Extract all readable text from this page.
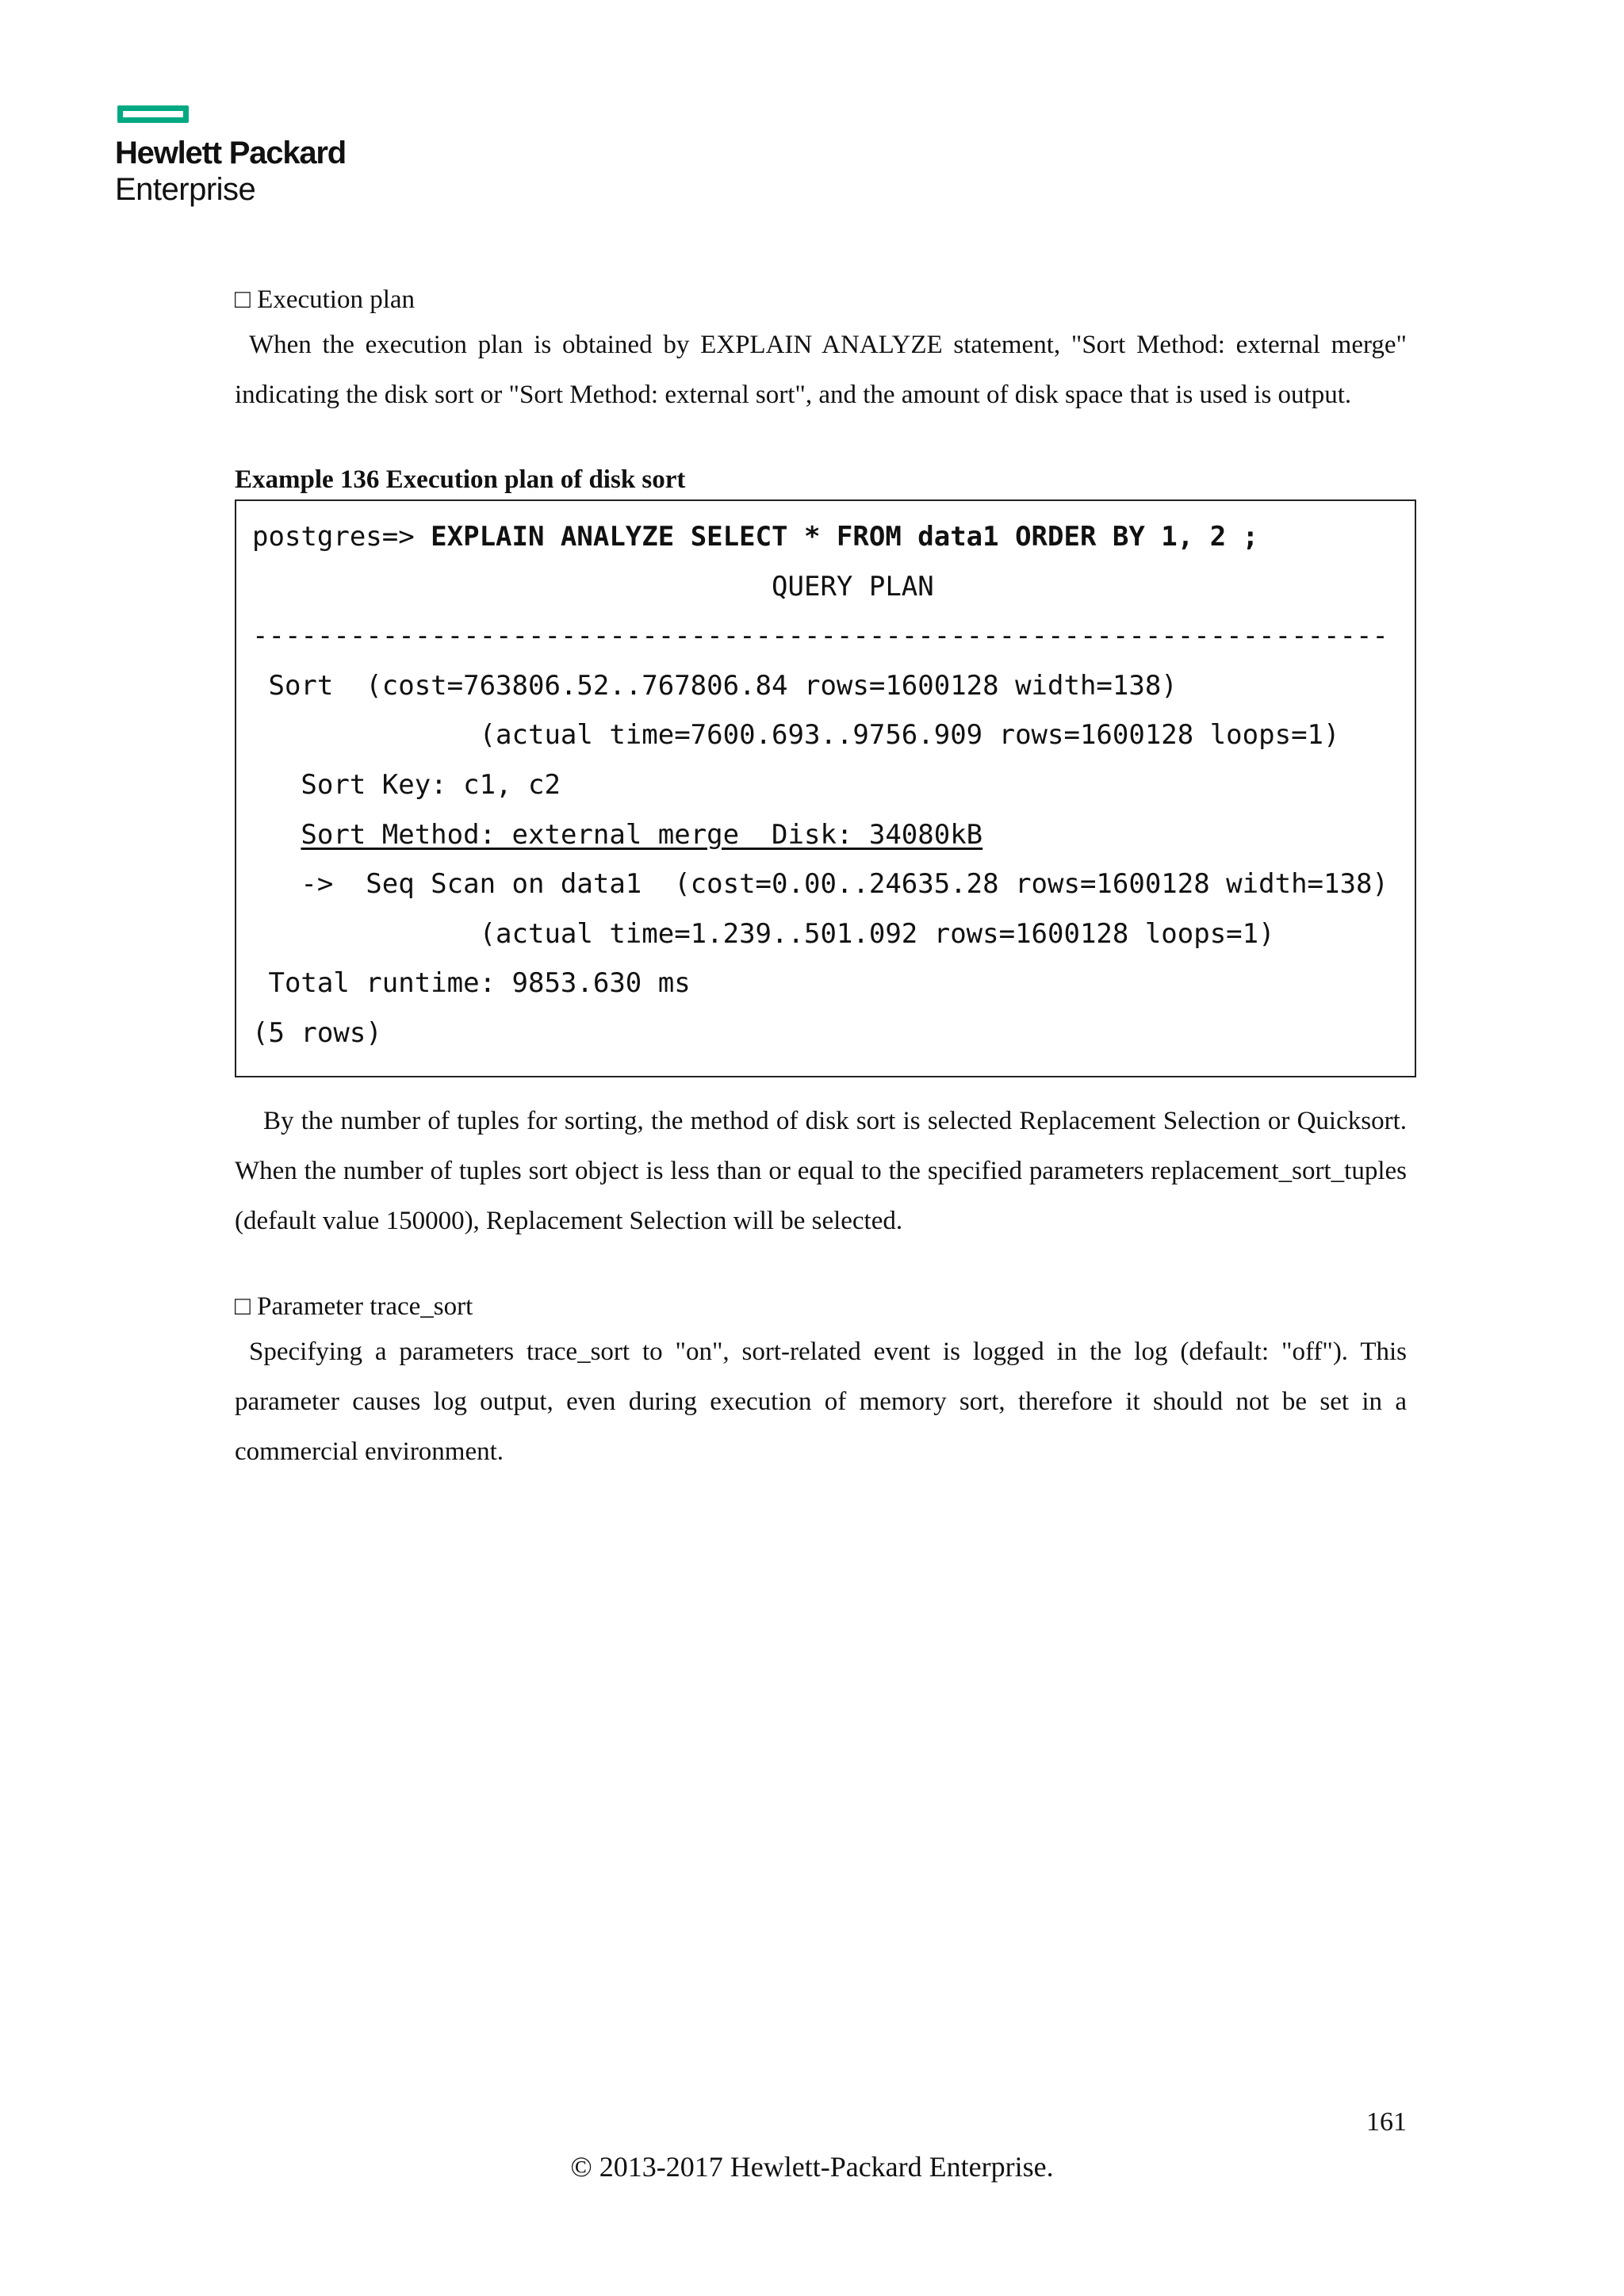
Hewlett Packard
Enterprise

□ Execution plan

When the execution plan is obtained by EXPLAIN ANALYZE statement, "Sort Method: external merge" indicating the disk sort or "Sort Method: external sort", and the amount of disk space that is used is output.

Example 136 Execution plan of disk sort

postgres=> EXPLAIN ANALYZE SELECT * FROM data1 ORDER BY 1, 2 ;
QUERY PLAN
----------------------------------------------------------------------
Sort  (cost=763806.52..767806.84 rows=1600128 width=138)
(actual time=7600.693..9756.909 rows=1600128 loops=1)
Sort Key: c1, c2
Sort Method: external merge  Disk: 34080kB
->  Seq Scan on data1  (cost=0.00..24635.28 rows=1600128 width=138)
(actual time=1.239..501.092 rows=1600128 loops=1)
Total runtime: 9853.630 ms
(5 rows)

By the number of tuples for sorting, the method of disk sort is selected Replacement Selection or Quicksort. When the number of tuples sort object is less than or equal to the specified parameters replacement_sort_tuples (default value 150000), Replacement Selection will be selected.

□ Parameter trace_sort

Specifying a parameters trace_sort to "on", sort-related event is logged in the log (default: "off"). This parameter causes log output, even during execution of memory sort, therefore it should not be set in a commercial environment.

161
© 2013-2017 Hewlett-Packard Enterprise.
